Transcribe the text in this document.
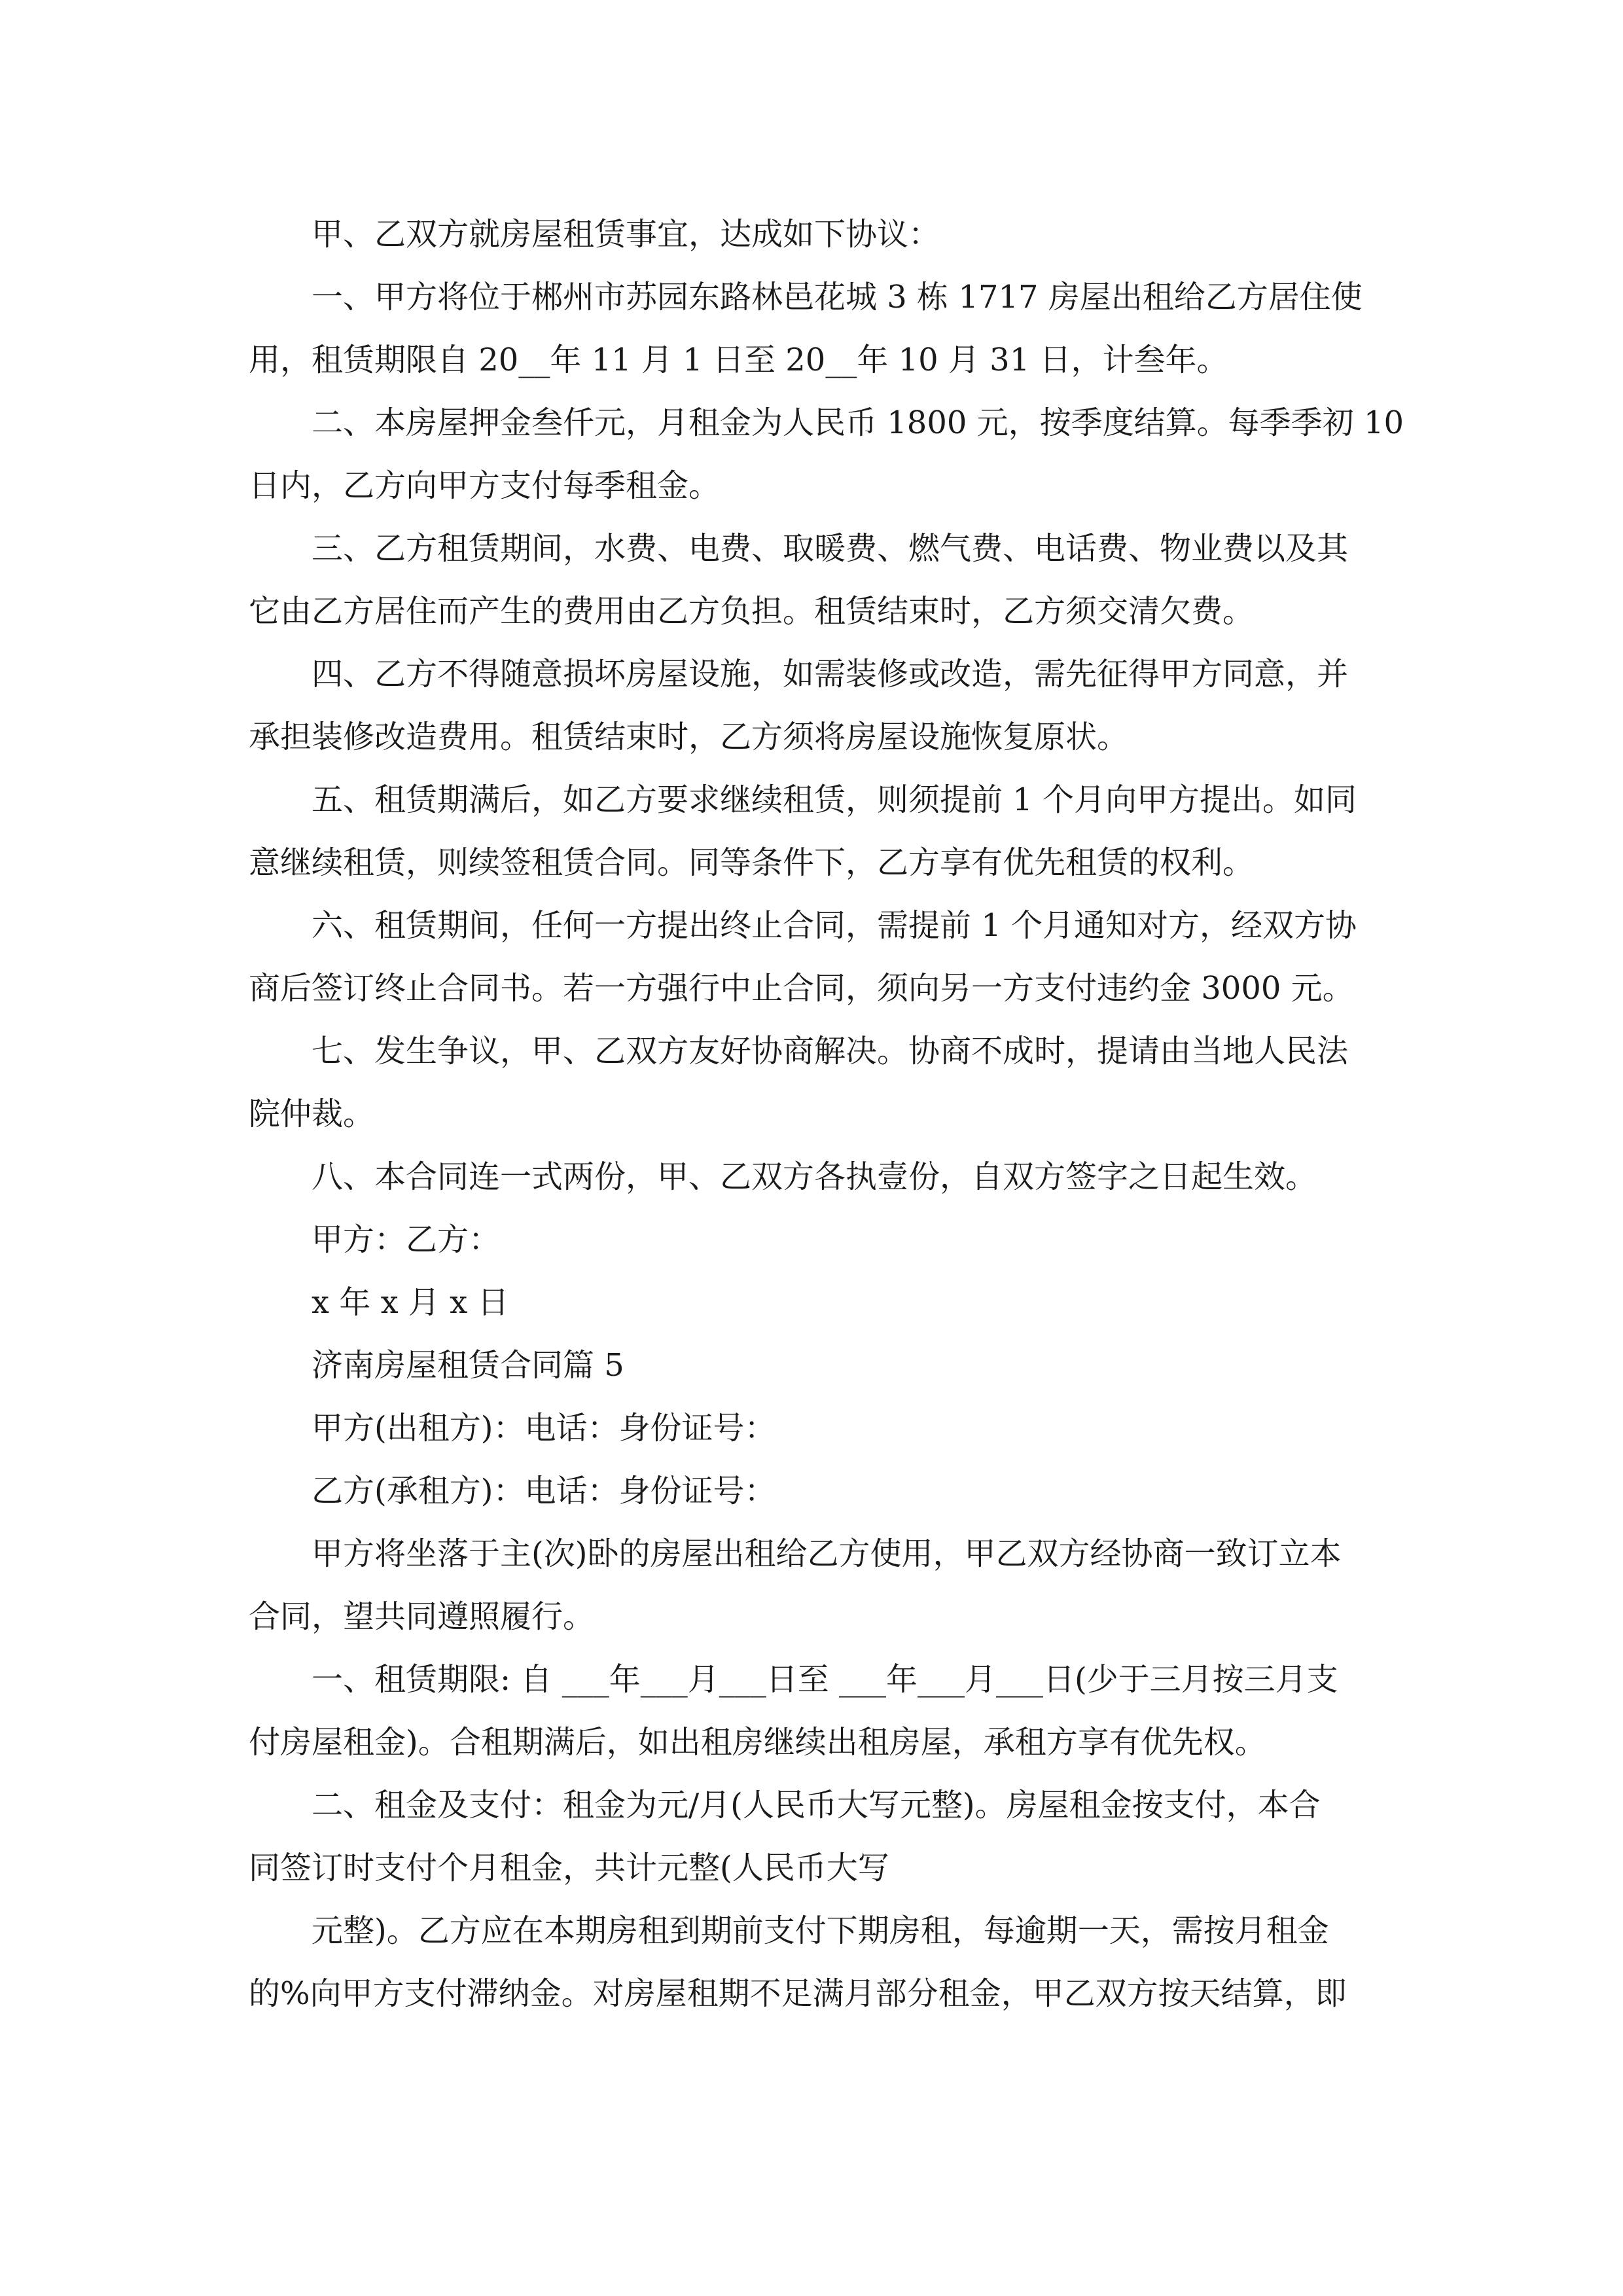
甲、乙双方就房屋租赁事宜，达成如下协议：

一、甲方将位于郴州市苏园东路林邑花城 3 栋 1717 房屋出租给乙方居住使

用，租赁期限自 20__年 11 月 1 日至 20__年 10 月 31 日，计叁年。

二、本房屋押金叁仟元，月租金为人民币 1800 元，按季度结算。每季季初 10

日内，乙方向甲方支付每季租金。

三、乙方租赁期间，水费、电费、取暖费、燃气费、电话费、物业费以及其

它由乙方居住而产生的费用由乙方负担。租赁结束时，乙方须交清欠费。

四、乙方不得随意损坏房屋设施，如需装修或改造，需先征得甲方同意，并

承担装修改造费用。租赁结束时，乙方须将房屋设施恢复原状。

五、租赁期满后，如乙方要求继续租赁，则须提前 1 个月向甲方提出。如同

意继续租赁，则续签租赁合同。同等条件下，乙方享有优先租赁的权利。

六、租赁期间，任何一方提出终止合同，需提前 1 个月通知对方，经双方协

商后签订终止合同书。若一方强行中止合同，须向另一方支付违约金 3000 元。

七、发生争议，甲、乙双方友好协商解决。协商不成时，提请由当地人民法

院仲裁。

八、本合同连一式两份，甲、乙双方各执壹份，自双方签字之日起生效。

甲方：乙方：

x 年 x 月 x 日

济南房屋租赁合同篇 5

甲方(出租方)：电话：身份证号：

乙方(承租方)：电话：身份证号：

甲方将坐落于主(次)卧的房屋出租给乙方使用，甲乙双方经协商一致订立本

合同，望共同遵照履行。

一、租赁期限: 自 ___年___月___日至 ___年___月___日(少于三月按三月支

付房屋租金)。合租期满后，如出租房继续出租房屋，承租方享有优先权。

二、租金及支付：租金为元/月(人民币大写元整)。房屋租金按支付，本合

同签订时支付个月租金，共计元整(人民币大写

元整)。乙方应在本期房租到期前支付下期房租，每逾期一天，需按月租金

的%向甲方支付滞纳金。对房屋租期不足满月部分租金，甲乙双方按天结算，即
